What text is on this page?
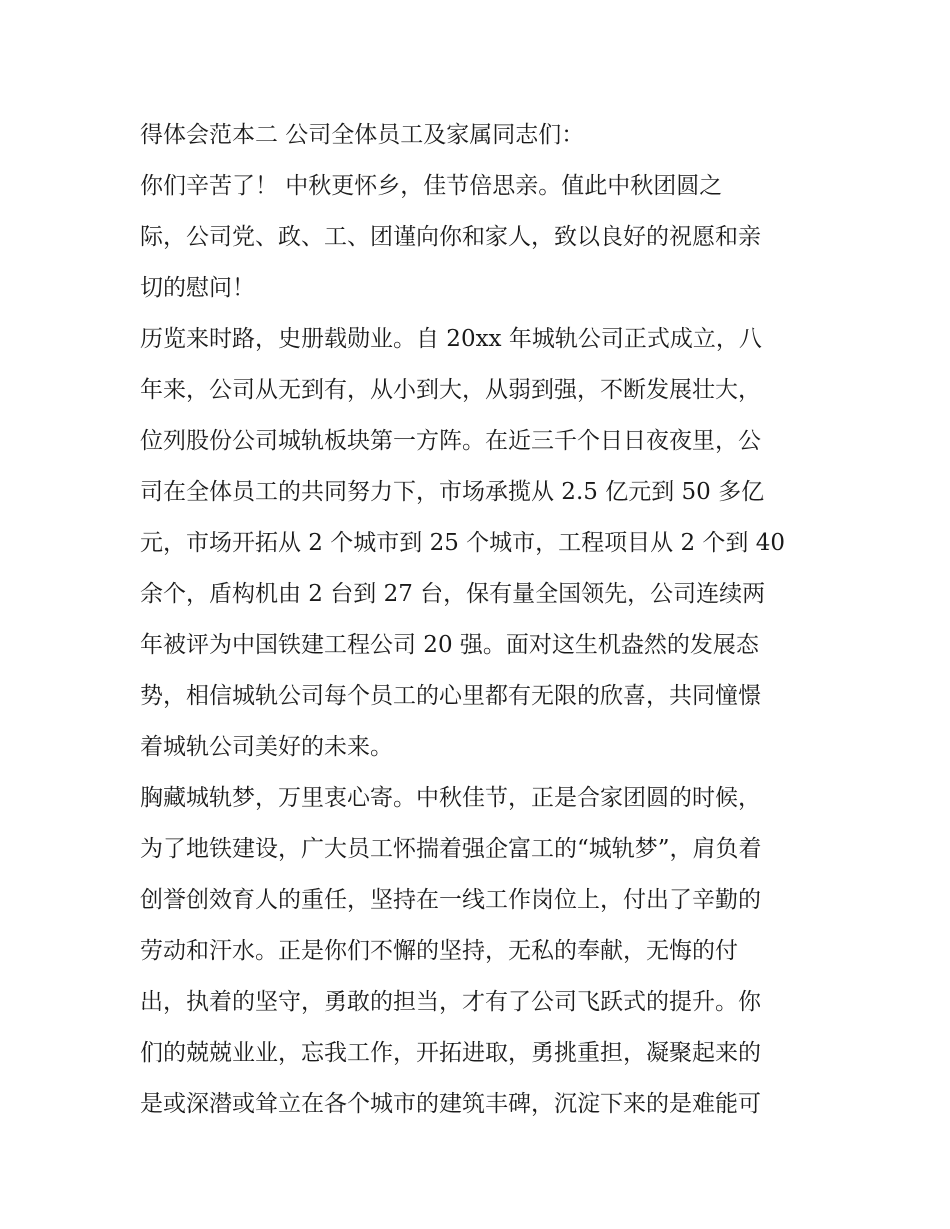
得体会范本二 公司全体员工及家属同志们：
你们辛苦了！ 中秋更怀乡，佳节倍思亲。值此中秋团圆之
际，公司党、政、工、团谨向你和家人，致以良好的祝愿和亲
切的慰问！
历览来时路，史册载勋业。自 20xx 年城轨公司正式成立，八
年来，公司从无到有，从小到大，从弱到强，不断发展壮大，
位列股份公司城轨板块第一方阵。在近三千个日日夜夜里，公
司在全体员工的共同努力下，市场承揽从 2.5 亿元到 50 多亿
元，市场开拓从 2 个城市到 25 个城市，工程项目从 2 个到 40
余个，盾构机由 2 台到 27 台，保有量全国领先，公司连续两
年被评为中国铁建工程公司 20 强。面对这生机盎然的发展态
势，相信城轨公司每个员工的心里都有无限的欣喜，共同憧憬
着城轨公司美好的未来。
胸藏城轨梦，万里衷心寄。中秋佳节，正是合家团圆的时候，
为了地铁建设，广大员工怀揣着强企富工的“城轨梦”，肩负着
创誉创效育人的重任，坚持在一线工作岗位上，付出了辛勤的
劳动和汗水。正是你们不懈的坚持，无私的奉献，无悔的付
出，执着的坚守，勇敢的担当，才有了公司飞跃式的提升。你
们的兢兢业业，忘我工作，开拓进取，勇挑重担，凝聚起来的
是或深潜或耸立在各个城市的建筑丰碑，沉淀下来的是难能可
